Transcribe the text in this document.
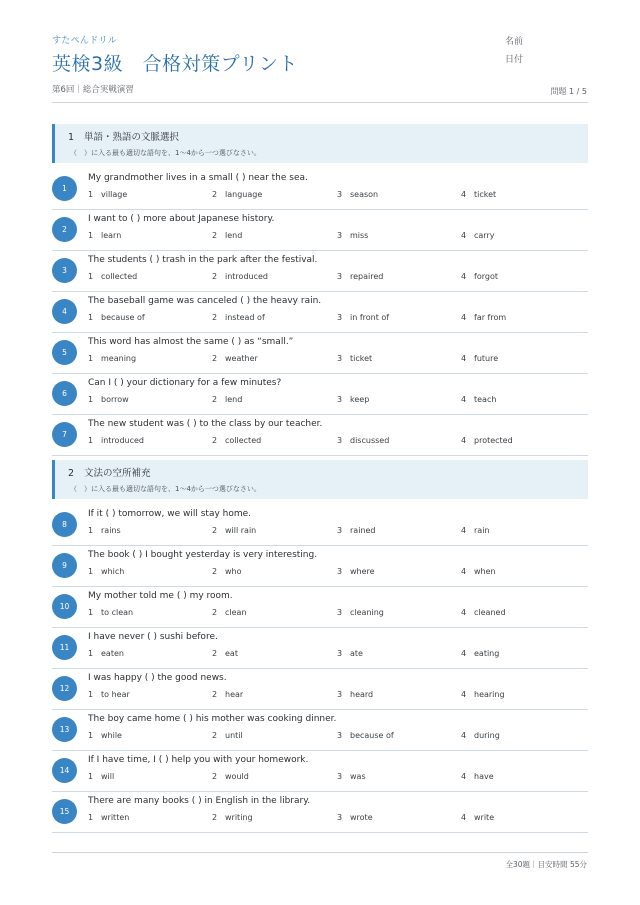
すたぺんドリル
英検3級　合格対策プリント
第6回｜総合実戦演習
名前
日付
問題 1 / 5
1 単語・熟語の文脈選択
（　）に入る最も適切な語句を、1〜4から一つ選びなさい。
1
My grandmother lives in a small ( ) near the sea.
1 village	2 language	3 season	4 ticket
2
I want to ( ) more about Japanese history.
1 learn	2 lend	3 miss	4 carry
3
The students ( ) trash in the park after the festival.
1 collected	2 introduced	3 repaired	4 forgot
4
The baseball game was canceled ( ) the heavy rain.
1 because of	2 instead of	3 in front of	4 far from
5
This word has almost the same ( ) as “small.”
1 meaning	2 weather	3 ticket	4 future
6
Can I ( ) your dictionary for a few minutes?
1 borrow	2 lend	3 keep	4 teach
7
The new student was ( ) to the class by our teacher.
1 introduced	2 collected	3 discussed	4 protected
2 文法の空所補充
（　）に入る最も適切な語句を、1〜4から一つ選びなさい。
8
If it ( ) tomorrow, we will stay home.
1 rains	2 will rain	3 rained	4 rain
9
The book ( ) I bought yesterday is very interesting.
1 which	2 who	3 where	4 when
10
My mother told me ( ) my room.
1 to clean	2 clean	3 cleaning	4 cleaned
11
I have never ( ) sushi before.
1 eaten	2 eat	3 ate	4 eating
12
I was happy ( ) the good news.
1 to hear	2 hear	3 heard	4 hearing
13
The boy came home ( ) his mother was cooking dinner.
1 while	2 until	3 because of	4 during
14
If I have time, I ( ) help you with your homework.
1 will	2 would	3 was	4 have
15
There are many books ( ) in English in the library.
1 written	2 writing	3 wrote	4 write
全30題｜目安時間 55分
